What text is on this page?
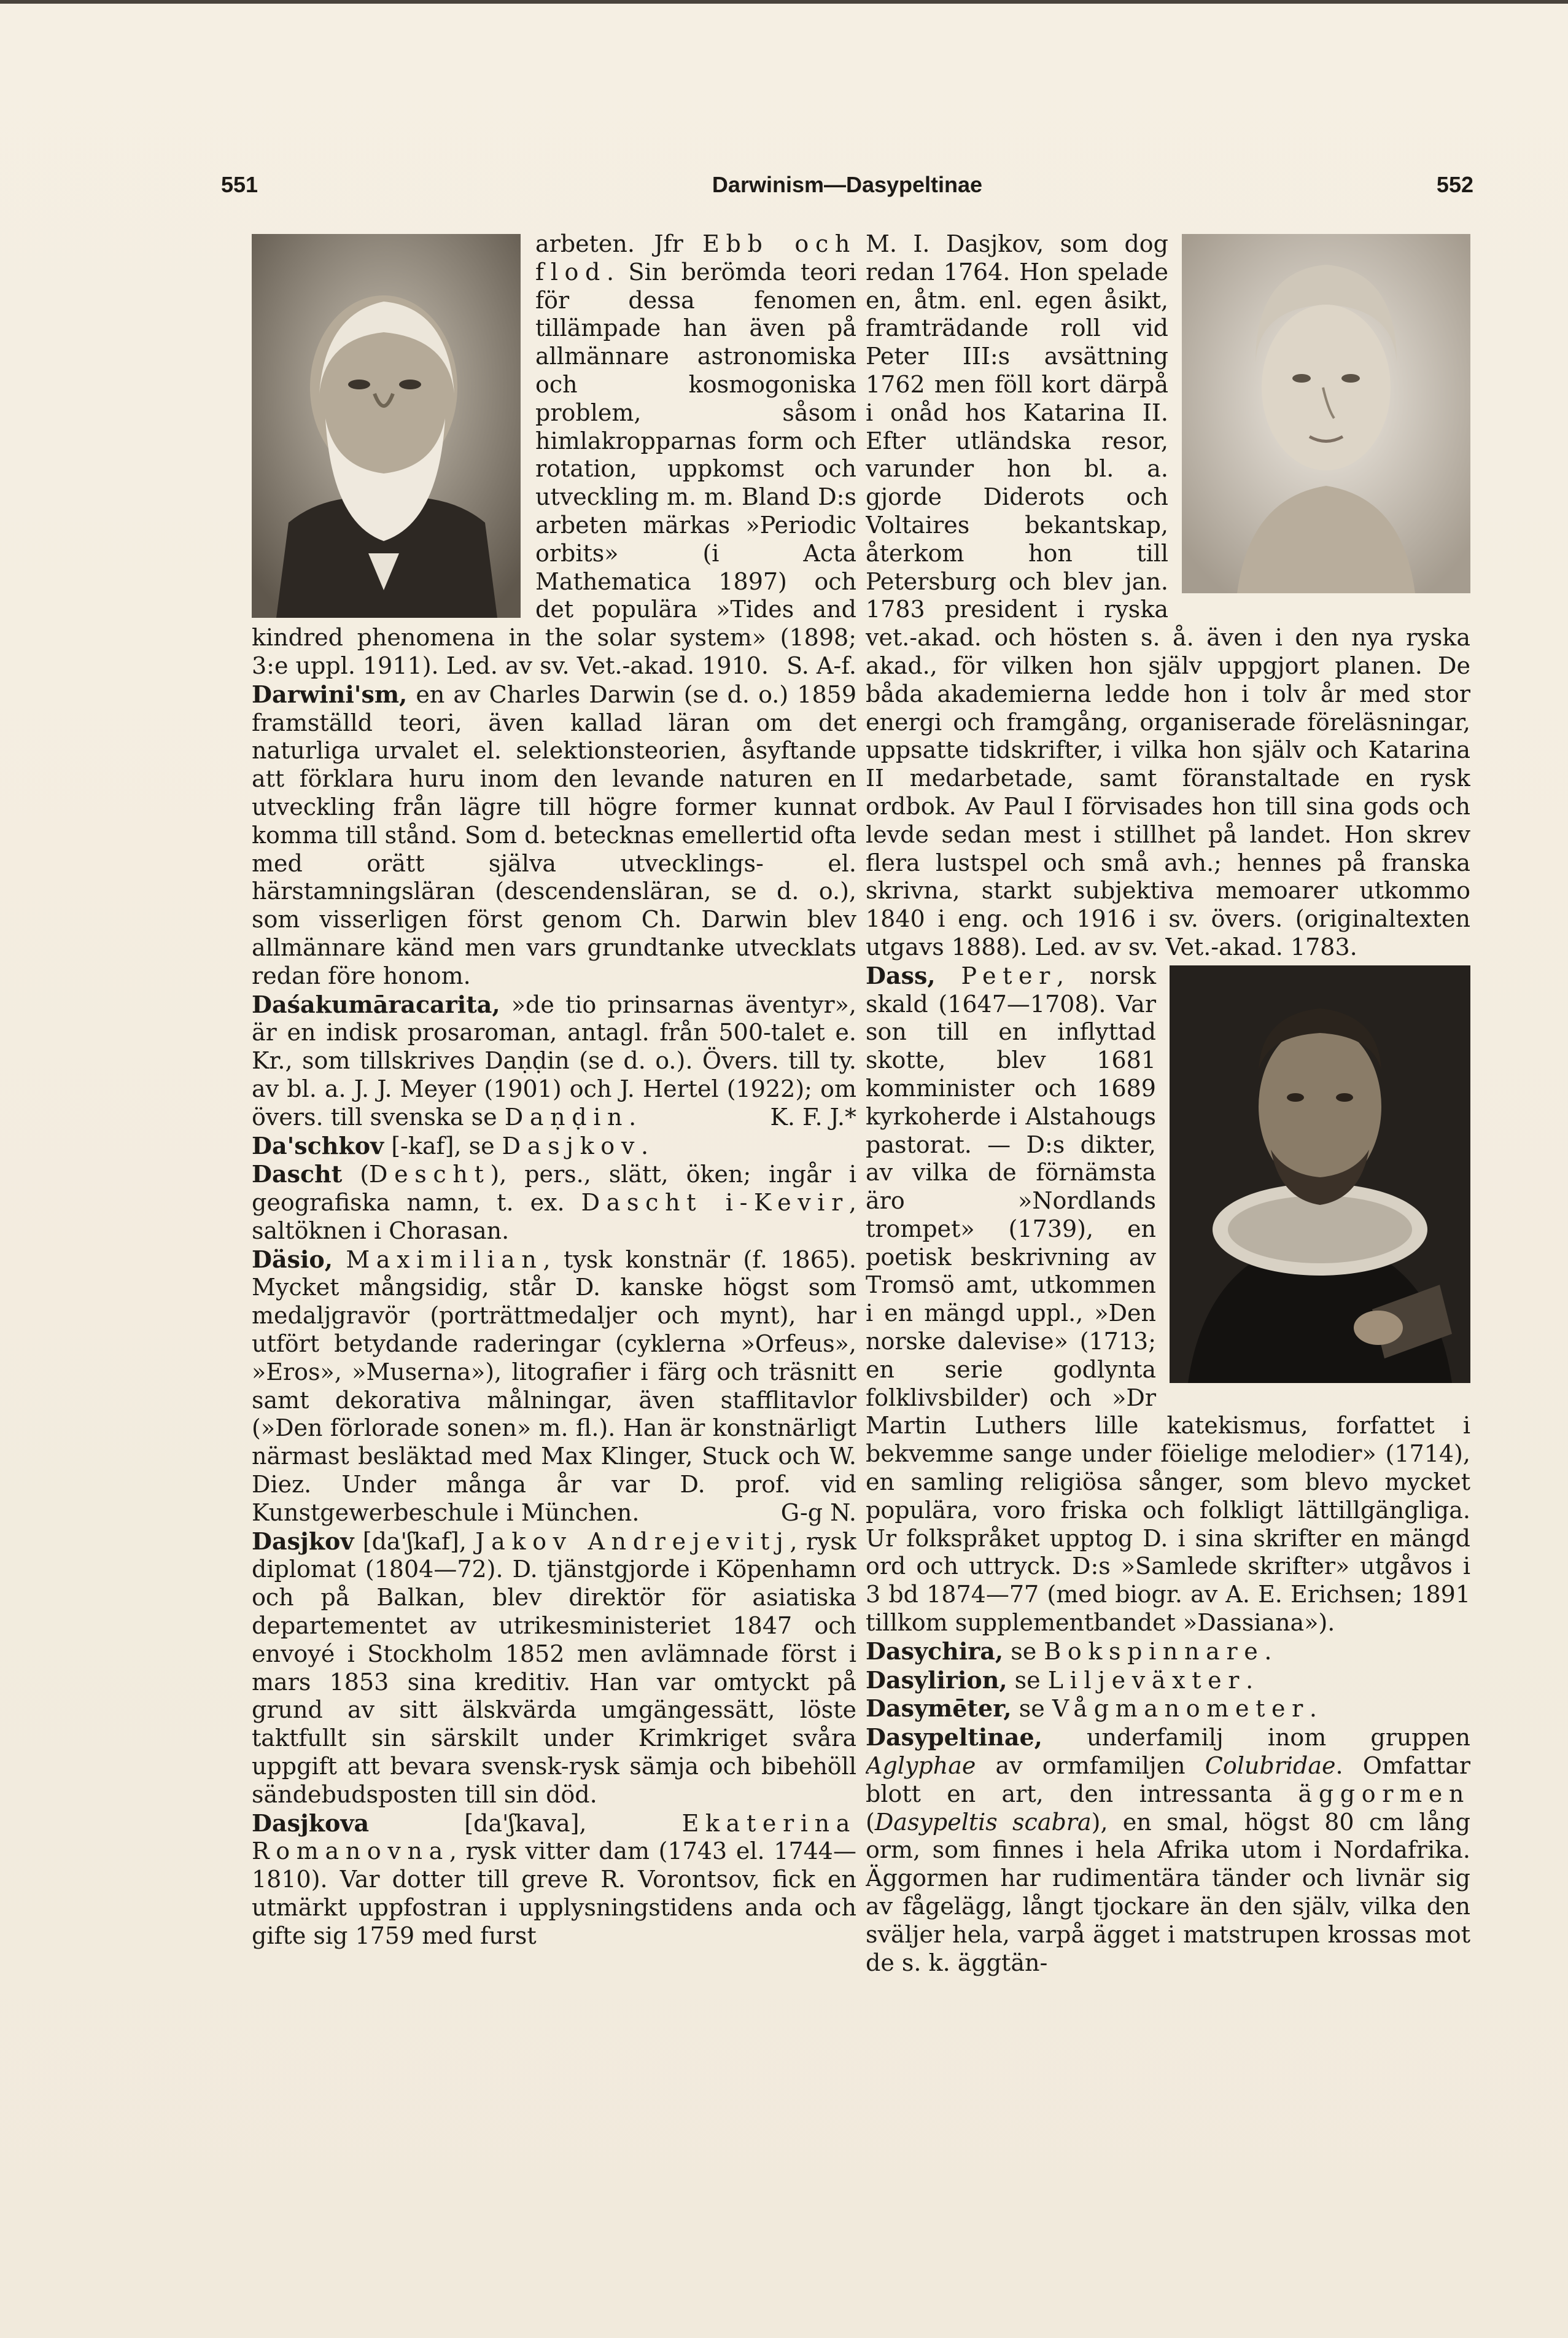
551	Darwinism—Dasypeltinae	552

arbeten. Jfr Ebb och flod. Sin berömda teori för dessa fenomen tillämpade han även på allmännare astronomiska och kosmogoniska problem, såsom himlakropparnas form och rotation, uppkomst och utveckling m. m. Bland D:s arbeten märkas »Periodic orbits» (i Acta Mathematica 1897) och det populära »Tides and kindred phenomena in the solar system» (1898; 3:e uppl. 1911). Led. av sv. Vet.-akad. 1910. S. A-f.

Darwini'sm, en av Charles Darwin (se d. o.) 1859 framställd teori, även kallad läran om det naturliga urvalet el. selektionsteorien, åsyftande att förklara huru inom den levande naturen en utveckling från lägre till högre former kunnat komma till stånd. Som d. betecknas emellertid ofta med orätt själva utvecklings- el. härstamningsläran (descendensläran, se d. o.), som visserligen först genom Ch. Darwin blev allmännare känd men vars grundtanke utvecklats redan före honom.

Daśakumāracarita, »de tio prinsarnas äventyr», är en indisk prosaroman, antagl. från 500-talet e. Kr., som tillskrives Daṇḍin (se d. o.). Övers. till ty. av bl. a. J. J. Meyer (1901) och J. Hertel (1922); om övers. till svenska se Daṇḍin.	K. F. J.*

Da'schkov [-kaf], se Dasjkov.

Dascht (Descht), pers., slätt, öken; ingår i geografiska namn, t. ex. Dascht i-Kevir, saltöknen i Chorasan.

Däsio, Maximilian, tysk konstnär (f. 1865). Mycket mångsidig, står D. kanske högst som medaljgravör (porträttmedaljer och mynt), har utfört betydande raderingar (cyklerna »Orfeus», »Eros», »Muserna»), litografier i färg och träsnitt samt dekorativa målningar, även stafflitavlor (»Den förlorade sonen» m. fl.). Han är konstnärligt närmast besläktad med Max Klinger, Stuck och W. Diez. Under många år var D. prof. vid Kunstgewerbeschule i München.	G-g N.

Dasjkov [da'ʃkaf], Jakov Andrejevitj, rysk diplomat (1804—72). D. tjänstgjorde i Köpenhamn och på Balkan, blev direktör för asiatiska departementet av utrikesministeriet 1847 och envoyé i Stockholm 1852 men avlämnade först i mars 1853 sina kreditiv. Han var omtyckt på grund av sitt älskvärda umgängessätt, löste taktfullt sin särskilt under Krimkriget svåra uppgift att bevara svensk-rysk sämja och bibehöll sändebudsposten till sin död.

Dasjkova [da'ʃkava], Ekaterina Romanovna, rysk vitter dam (1743 el. 1744—1810). Var dotter till greve R. Vorontsov, fick en utmärkt uppfostran i upplysningstidens anda och gifte sig 1759 med furst

M. I. Dasjkov, som dog redan 1764. Hon spelade en, åtm. enl. egen åsikt, framträdande roll vid Peter III:s avsättning 1762 men föll kort därpå i onåd hos Katarina II. Efter utländska resor, varunder hon bl. a. gjorde Diderots och Voltaires bekantskap, återkom hon till Petersburg och blev jan. 1783 president i ryska vet.-akad. och hösten s. å. även i den nya ryska akad., för vilken hon själv uppgjort planen. De båda akademierna ledde hon i tolv år med stor energi och framgång, organiserade föreläsningar, uppsatte tidskrifter, i vilka hon själv och Katarina II medarbetade, samt föranstaltade en rysk ordbok. Av Paul I förvisades hon till sina gods och levde sedan mest i stillhet på landet. Hon skrev flera lustspel och små avh.; hennes på franska skrivna, starkt subjektiva memoarer utkommo 1840 i eng. och 1916 i sv. övers. (originaltexten utgavs 1888). Led. av sv. Vet.-akad. 1783.

Dass, Peter
, norsk skald (1647—1708). Var son till en inflyttad skotte, blev 1681 komminister och 1689 kyrkoherde i Alstahougs pastorat. — D:s dikter, av vilka de förnämsta äro »Nordlands trompet» (1739), en poetisk beskrivning av Tromsö amt, utkommen i en mängd uppl., »Den norske dalevise» (1713; en serie godlynta folklivsbilder) och »Dr Martin Luthers lille katekismus, forfattet i bekvemme sange under föielige melodier» (1714), en samling religiösa sånger, som blevo mycket populära, voro friska och folkligt lättillgängliga. Ur folkspråket upptog D. i sina skrifter en mängd ord och uttryck. D:s »Samlede skrifter» utgåvos i 3 bd 1874—77 (med biogr. av A. E. Erichsen; 1891 tillkom supplementbandet »Dassiana»).

Dasychira, se Bokspinnare.

Dasylirion, se Liljeväxter.

Dasymēter, se Vågmanometer.

Dasypeltinae, underfamilj inom gruppen Aglyphae av ormfamiljen Colubridae. Omfattar blott en art, den intressanta äggormen (Dasypeltis scabra), en smal, högst 80 cm lång orm, som finnes i hela Afrika utom i Nordafrika. Äggormen har rudimentära tänder och livnär sig av fågelägg, långt tjockare än den själv, vilka den sväljer hela, varpå ägget i matstrupen krossas mot de s. k. äggtän-
